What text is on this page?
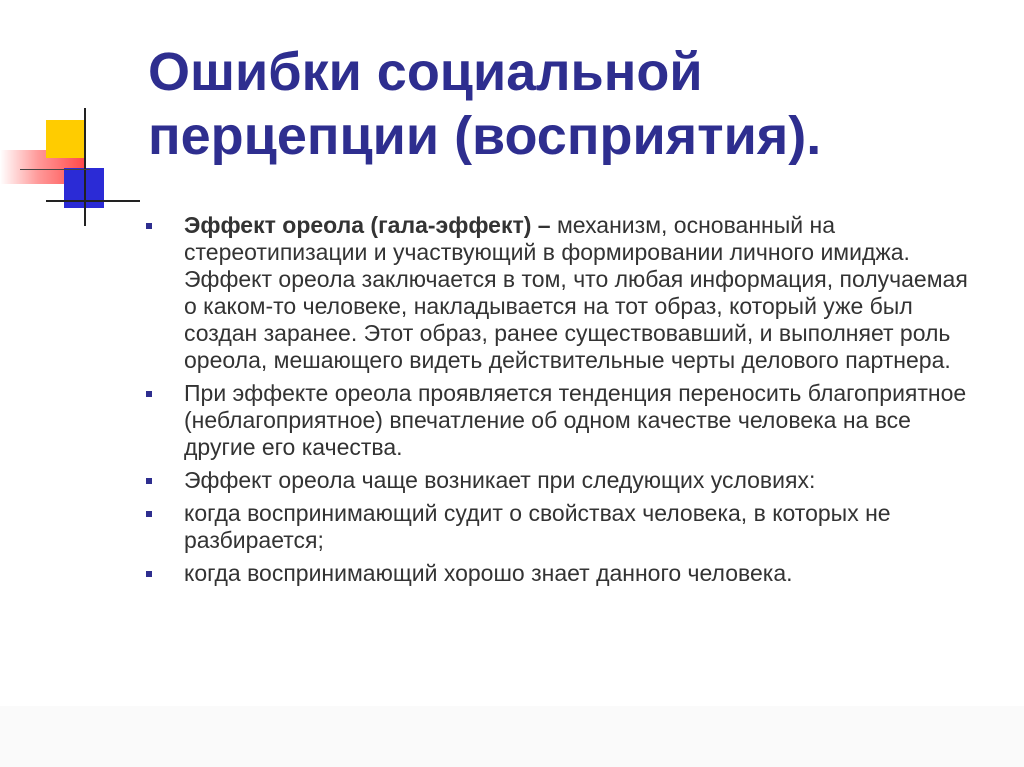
Ошибки социальной
перцепции (восприятия).
Эффект ореола (гала-эффект) – механизм, основанный на стереотипизации и участвующий в формировании личного имиджа. Эффект ореола заключается в том, что любая информация, получаемая о каком-то человеке, накладывается на тот образ, который уже был создан заранее. Этот образ, ранее существовавший, и выполняет роль ореола, мешающего видеть действительные черты делового партнера.
При эффекте ореола проявляется тенденция переносить благоприятное (неблагоприятное) впечатление об одном качестве человека на все другие его качества.
Эффект ореола чаще возникает при следующих условиях:
когда воспринимающий судит о свойствах человека, в которых не разбирается;
когда воспринимающий хорошо знает данного человека.
